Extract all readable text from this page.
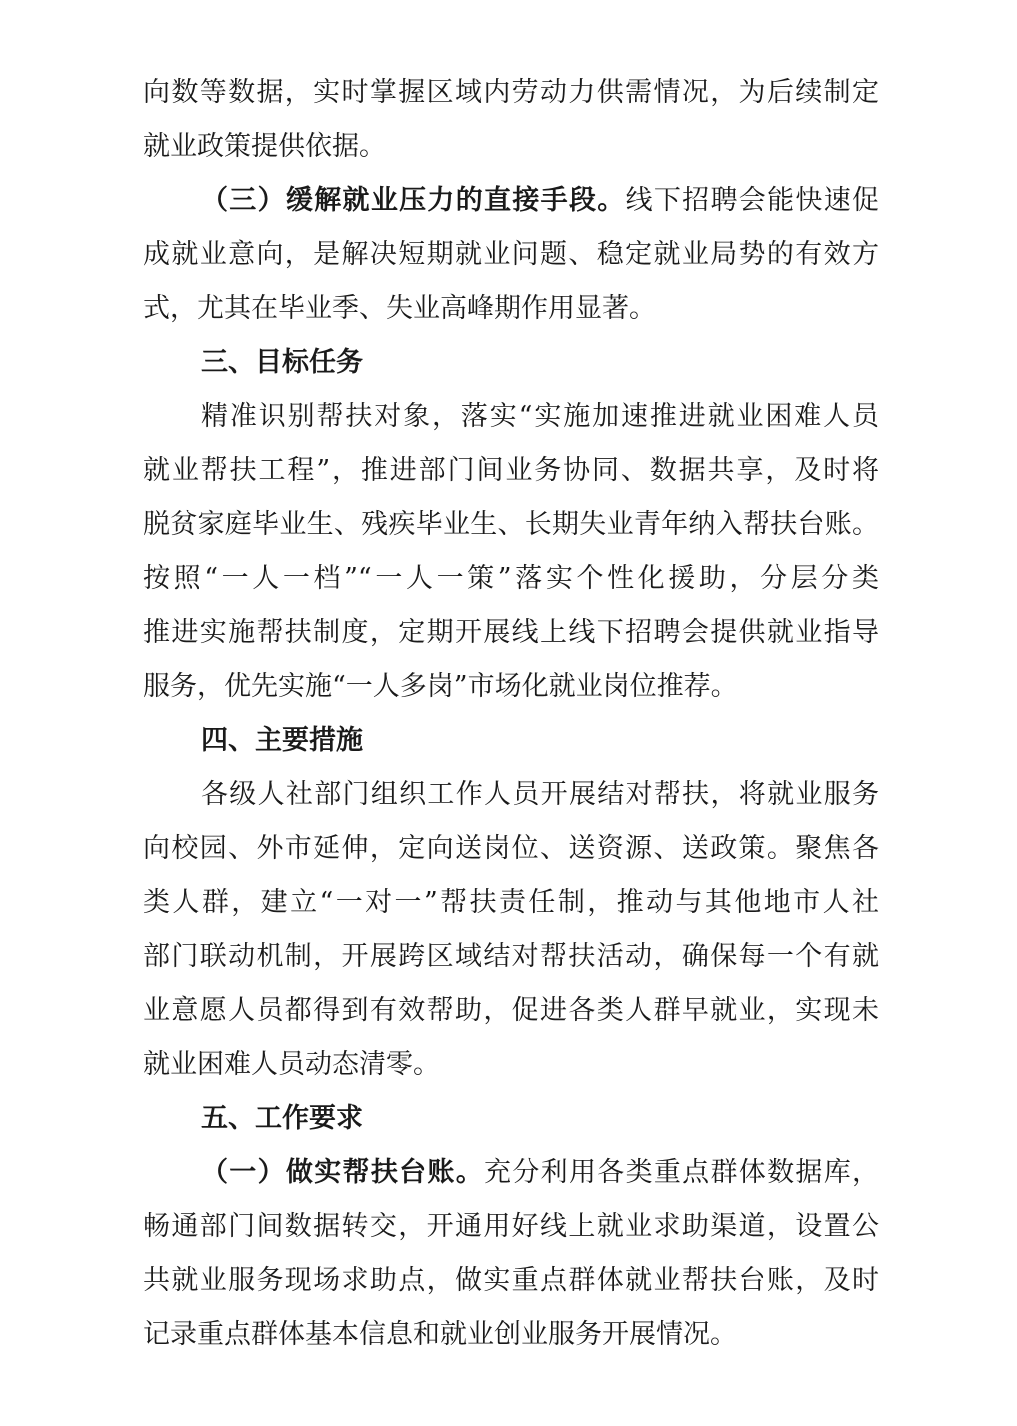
向数等数据，实时掌握区域内劳动力供需情况，为后续制定
就业政策提供依据。
（三）缓解就业压力的直接手段。线下招聘会能快速促
成就业意向，是解决短期就业问题、稳定就业局势的有效方
式，尤其在毕业季、失业高峰期作用显著。
三、目标任务
精准识别帮扶对象，落实“实施加速推进就业困难人员
就业帮扶工程”，推进部门间业务协同、数据共享，及时将
脱贫家庭毕业生、残疾毕业生、长期失业青年纳入帮扶台账。
按照“一人一档”“一人一策”落实个性化援助，分层分类
推进实施帮扶制度，定期开展线上线下招聘会提供就业指导
服务，优先实施“一人多岗”市场化就业岗位推荐。
四、主要措施
各级人社部门组织工作人员开展结对帮扶，将就业服务
向校园、外市延伸，定向送岗位、送资源、送政策。聚焦各
类人群，建立“一对一”帮扶责任制，推动与其他地市人社
部门联动机制，开展跨区域结对帮扶活动，确保每一个有就
业意愿人员都得到有效帮助，促进各类人群早就业，实现未
就业困难人员动态清零。
五、工作要求
（一）做实帮扶台账。充分利用各类重点群体数据库，
畅通部门间数据转交，开通用好线上就业求助渠道，设置公
共就业服务现场求助点，做实重点群体就业帮扶台账，及时
记录重点群体基本信息和就业创业服务开展情况。
